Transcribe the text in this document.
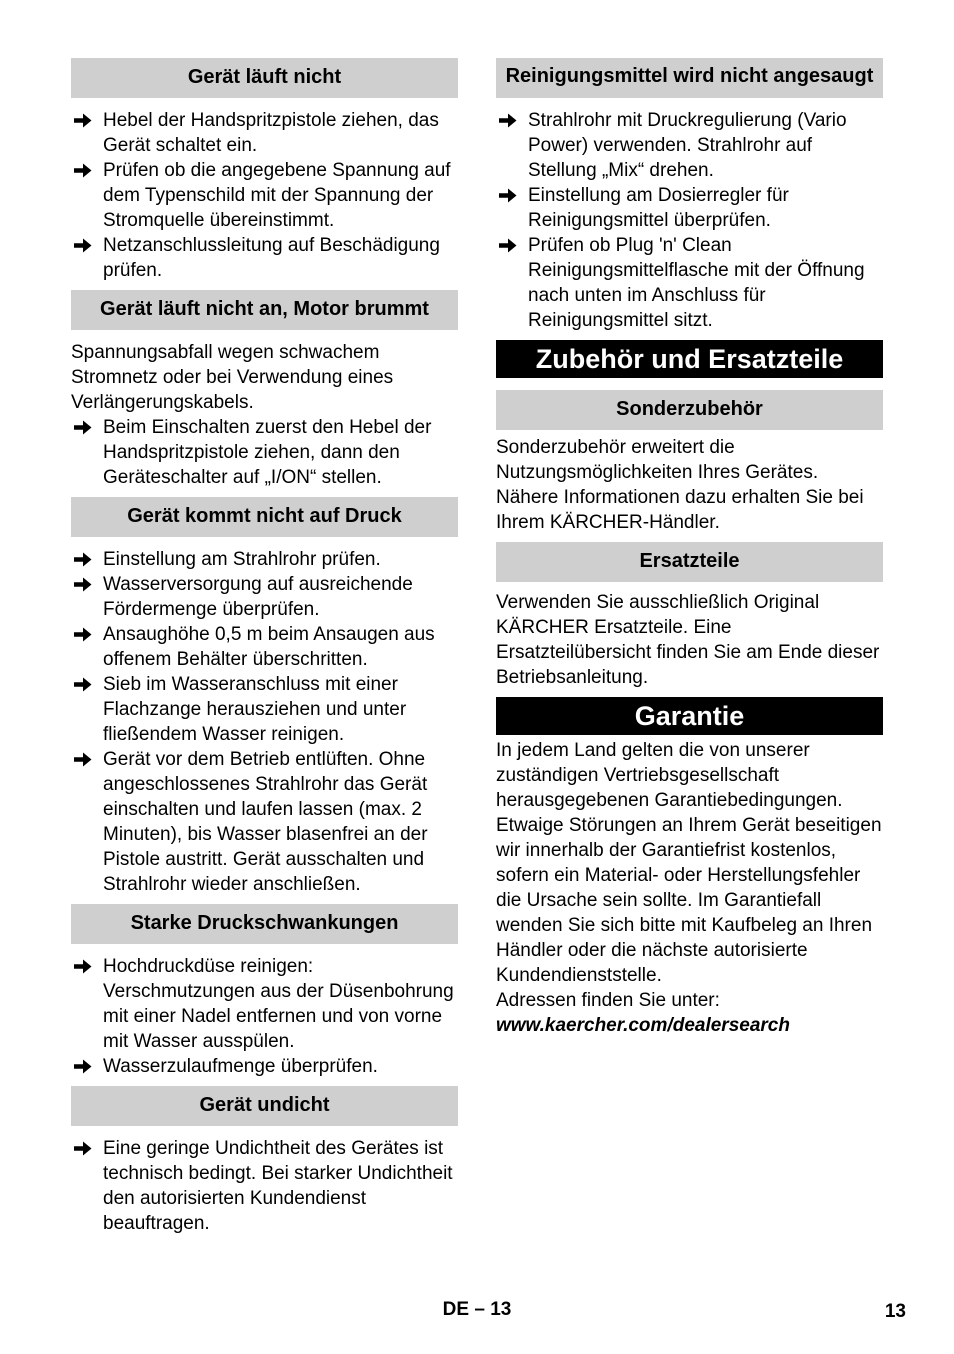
Gerät läuft nicht

Hebel der Handspritzpistole ziehen, das Gerät schaltet ein.

Prüfen ob die angegebene Spannung auf dem Typenschild mit der Spannung der Stromquelle übereinstimmt.

Netzanschlussleitung auf Beschädigung prüfen.

Gerät läuft nicht an, Motor brummt

Spannungsabfall wegen schwachem Stromnetz oder bei Verwendung eines Verlängerungskabels.

Beim Einschalten zuerst den Hebel der Handspritzpistole ziehen, dann den Geräteschalter auf „I/ON“ stellen.

Gerät kommt nicht auf Druck

Einstellung am Strahlrohr prüfen.

Wasserversorgung auf ausreichende Fördermenge überprüfen.

Ansaughöhe 0,5 m beim Ansaugen aus offenem Behälter überschritten.

Sieb im Wasseranschluss mit einer Flachzange herausziehen und unter fließendem Wasser reinigen.

Gerät vor dem Betrieb entlüften. Ohne angeschlossenes Strahlrohr das Gerät einschalten und laufen lassen (max. 2 Minuten), bis Wasser blasenfrei an der Pistole austritt. Gerät ausschalten und Strahlrohr wieder anschließen.

Starke Druckschwankungen

Hochdruckdüse reinigen: Verschmutzungen aus der Düsenbohrung mit einer Nadel entfernen und von vorne mit Wasser ausspülen.

Wasserzulaufmenge überprüfen.

Gerät undicht

Eine geringe Undichtheit des Gerätes ist technisch bedingt. Bei starker Undichtheit den autorisierten Kundendienst beauftragen.

Reinigungsmittel wird nicht angesaugt

Strahlrohr mit Druckregulierung (Vario Power) verwenden. Strahlrohr auf Stellung „Mix“ drehen.

Einstellung am Dosierregler für Reinigungsmittel überprüfen.

Prüfen ob Plug 'n' Clean Reinigungsmittelflasche mit der Öffnung nach unten im Anschluss für Reinigungsmittel sitzt.

Zubehör und Ersatzteile
Sonderzubehör

Sonderzubehör erweitert die Nutzungsmöglichkeiten Ihres Gerätes. Nähere Informationen dazu erhalten Sie bei Ihrem KÄRCHER-Händler.

Ersatzteile

Verwenden Sie ausschließlich Original KÄRCHER Ersatzteile. Eine Ersatzteilübersicht finden Sie am Ende dieser Betriebsanleitung.

Garantie

In jedem Land gelten die von unserer zuständigen Vertriebsgesellschaft herausgegebenen Garantiebedingungen. Etwaige Störungen an Ihrem Gerät beseitigen wir innerhalb der Garantiefrist kostenlos, sofern ein Material- oder Herstellungsfehler die Ursache sein sollte. Im Garantiefall wenden Sie sich bitte mit Kaufbeleg an Ihren Händler oder die nächste autorisierte Kundendienststelle.

Adressen finden Sie unter:

www.kaercher.com/dealersearch

DE – 13	13
